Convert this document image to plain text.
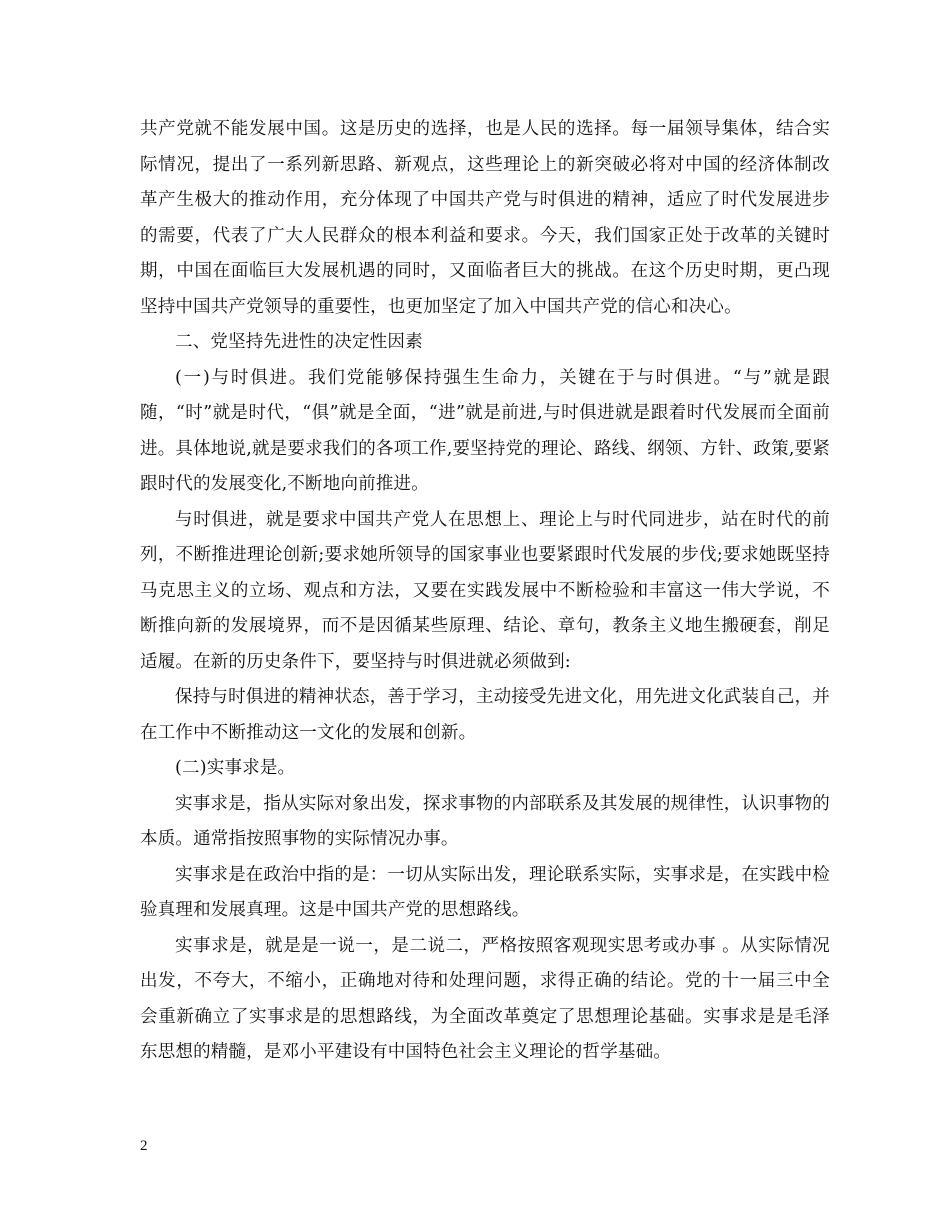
共产党就不能发展中国。这是历史的选择，也是人民的选择。每一届领导集体，结合实际情况，提出了一系列新思路、新观点，这些理论上的新突破必将对中国的经济体制改革产生极大的推动作用，充分体现了中国共产党与时俱进的精神，适应了时代发展进步的需要，代表了广大人民群众的根本利益和要求。今天，我们国家正处于改革的关键时期，中国在面临巨大发展机遇的同时，又面临者巨大的挑战。在这个历史时期，更凸现坚持中国共产党领导的重要性，也更加坚定了加入中国共产党的信心和决心。

二、党坚持先进性的决定性因素

(一)与时俱进。我们党能够保持强生生命力，关键在于与时俱进。“与”就是跟随，“时”就是时代，“俱”就是全面，“进”就是前进,与时俱进就是跟着时代发展而全面前进。具体地说,就是要求我们的各项工作,要坚持党的理论、路线、纲领、方针、政策,要紧跟时代的发展变化,不断地向前推进。

与时俱进，就是要求中国共产党人在思想上、理论上与时代同进步，站在时代的前列，不断推进理论创新;要求她所领导的国家事业也要紧跟时代发展的步伐;要求她既坚持马克思主义的立场、观点和方法，又要在实践发展中不断检验和丰富这一伟大学说，不断推向新的发展境界，而不是因循某些原理、结论、章句，教条主义地生搬硬套，削足适履。在新的历史条件下，要坚持与时俱进就必须做到:

保持与时俱进的精神状态，善于学习，主动接受先进文化，用先进文化武装自己，并在工作中不断推动这一文化的发展和创新。

(二)实事求是。

实事求是，指从实际对象出发，探求事物的内部联系及其发展的规律性，认识事物的本质。通常指按照事物的实际情况办事。

实事求是在政治中指的是：一切从实际出发，理论联系实际，实事求是，在实践中检验真理和发展真理。这是中国共产党的思想路线。

实事求是，就是是一说一，是二说二，严格按照客观现实思考或办事 。从实际情况出发，不夸大，不缩小，正确地对待和处理问题，求得正确的结论。党的十一届三中全会重新确立了实事求是的思想路线，为全面改革奠定了思想理论基础。实事求是是毛泽东思想的精髓，是邓小平建设有中国特色社会主义理论的哲学基础。

2
